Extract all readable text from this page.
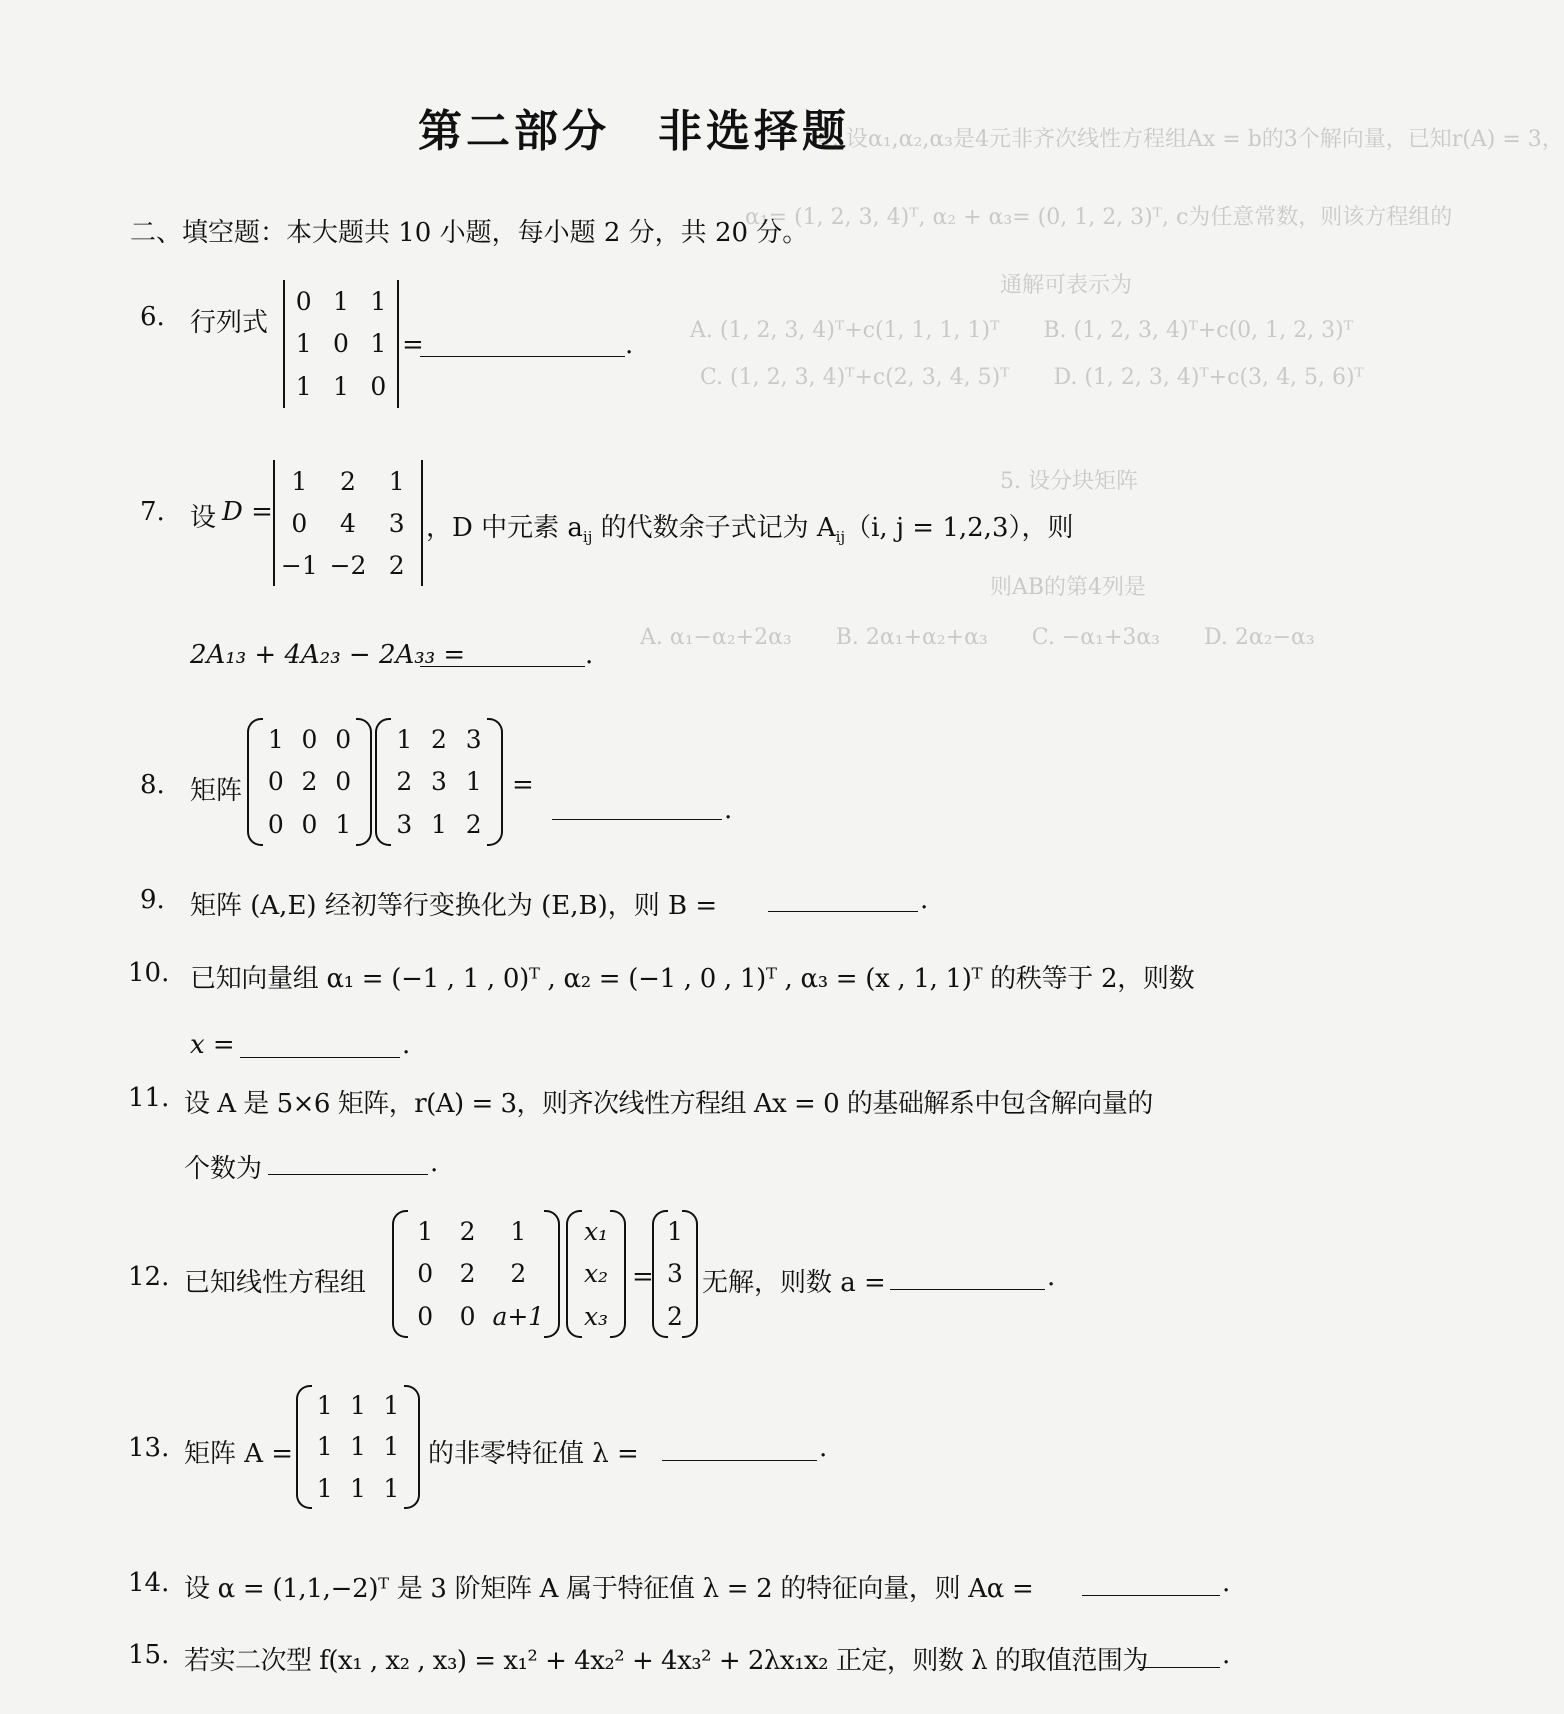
4. 设α₁,α₂,α₃是4元非齐次线性方程组Ax = b的3个解向量，已知r(A) = 3，
α₁= (1, 2, 3, 4)ᵀ, α₂ + α₃= (0, 1, 2, 3)ᵀ, c为任意常数，则该方程组的
通解可表示为
A. (1, 2, 3, 4)ᵀ+c(1, 1, 1, 1)ᵀ　　B. (1, 2, 3, 4)ᵀ+c(0, 1, 2, 3)ᵀ
C. (1, 2, 3, 4)ᵀ+c(2, 3, 4, 5)ᵀ　　D. (1, 2, 3, 4)ᵀ+c(3, 4, 5, 6)ᵀ
5. 设分块矩阵
则AB的第4列是
A. α₁−α₂+2α₃　　B. 2α₁+α₂+α₃　　C. −α₁+3α₃　　D. 2α₂−α₃
第二部分　非选择题
二、填空题：本大题共 10 小题，每小题 2 分，共 20 分。
6. 行列式
0 1 1
1 0 1
1 1 0
=	.
7. 设 D =
1	2	1
0	4	3
−1 −2 2
，D 中元素 $a_{ij}$ 的代数余子式记为 $A_{ij}(i$, j = 1,2,3），则
2A₁₃ + 4A₂₃ − 2A₃₃ =	.
8. 矩阵
1 0 0
0 2 0
0 0 1
1 2 3
2 3 1
3 1 2
=
.
9. 矩阵 (A,E) 经初等行变换化为 (E,B)，则 B =	.
10. 已知向量组 α₁ = (−1 , 1 , 0)ᵀ , α₂ = (−1 , 0 , 1)ᵀ , α₃ = (x , 1, 1)ᵀ 的秩等于 2，则数
x =	.
11. 设 A 是 5×6 矩阵，r(A) = 3，则齐次线性方程组 Ax = 0 的基础解系中包含解向量的
个数为	.
12. 已知线性方程组
1	2	1
0	2	2
0	0 a+1
x₁
x₂
x₃
=
1
3
2
无解，则数 a =	.
13. 矩阵 A =
1 1 1
1 1 1
1 1 1
的非零特征值 λ =	.
14. 设 α = (1,1,−2)ᵀ 是 3 阶矩阵 A 属于特征值 λ = 2 的特征向量，则 Aα =	.
15. 若实二次型 f(x₁ , x₂ , x₃) = x₁² + 4x₂² + 4x₃² + 2λx₁x₂ 正定，则数 λ 的取值范围为	.
